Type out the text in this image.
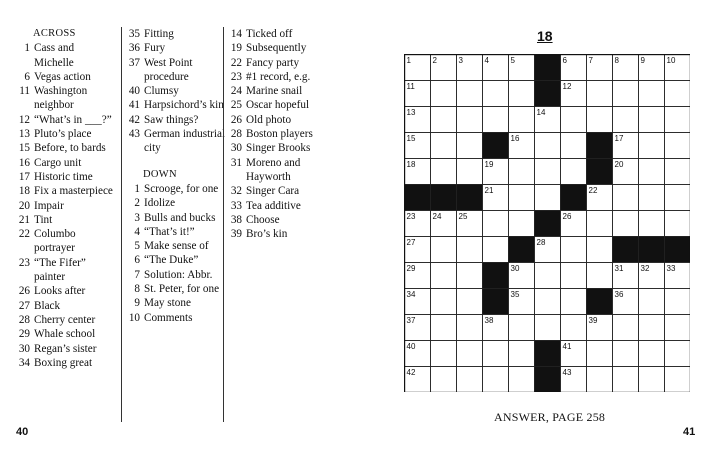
ACROSS
1 Cass and Michelle
6 Vegas action
11 Washington neighbor
12 “What’s in ___?”
13 Pluto’s place
15 Before, to bards
16 Cargo unit
17 Historic time
18 Fix a masterpiece
20 Impair
21 Tint
22 Columbo portrayer
23 “The Fifer” painter
26 Looks after
27 Black
28 Cherry center
29 Whale school
30 Regan’s sister
34 Boxing great
35 Fitting
36 Fury
37 West Point procedure
40 Clumsy
41 Harpsichord’s kin
42 Saw things?
43 German industrial city
DOWN
1 Scrooge, for one
2 Idolize
3 Bulls and bucks
4 “That’s it!”
5 Make sense of
6 “The Duke”
7 Solution: Abbr.
8 St. Peter, for one
9 May stone
10 Comments
14 Ticked off
19 Subsequently
22 Fancy party
23 #1 record, e.g.
24 Marine snail
25 Oscar hopeful
26 Old photo
28 Boston players
30 Singer Brooks
31 Moreno and Hayworth
32 Singer Cara
33 Tea additive
38 Choose
39 Bro’s kin
40	41
18
1	2	3	4	5	6	7	8	9	10
11	12
13	14
15	16	17
18	19	20
21	22
23 24 25	26
27	28
29	30	31 32 33
34	35	36
37	38	39
40	41
42	43
ANSWER, PAGE 258
